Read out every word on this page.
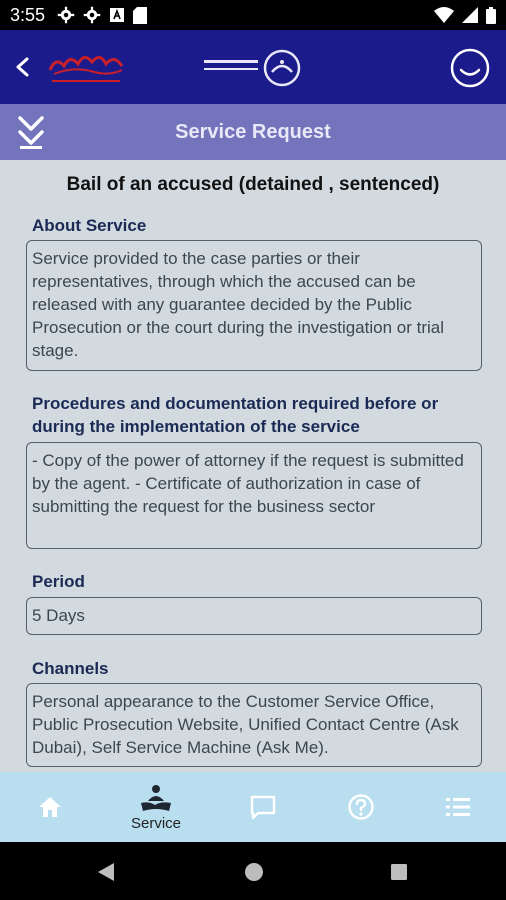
3:55
Service Request
Bail of an accused (detained , sentenced)
About Service
Service provided to the case parties or their representatives, through which the accused can be released with any guarantee decided by the Public Prosecution or the court during the investigation or trial stage.
Procedures and documentation required before or during the implementation of the service
- Copy of the power of attorney if the request is submitted by the agent. - Certificate of authorization in case of submitting the request for the business sector
Period
5 Days
Channels
Personal appearance to the Customer Service Office, Public Prosecution Website, Unified Contact Centre (Ask Dubai), Self Service Machine (Ask Me).
Service
